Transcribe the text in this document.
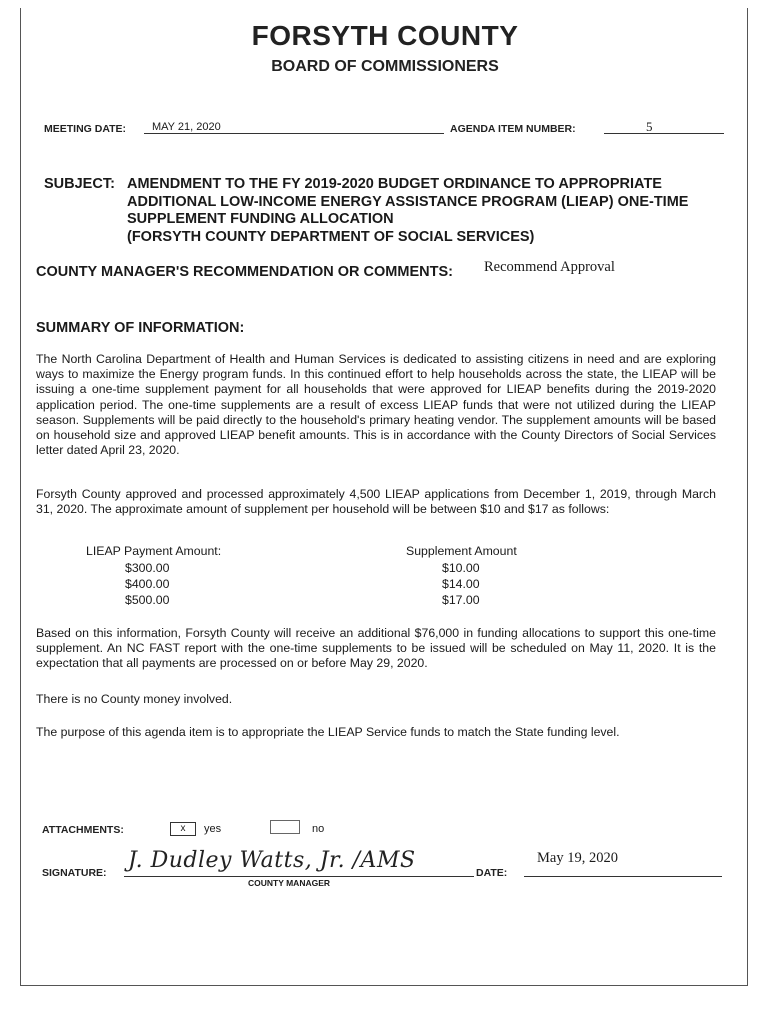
FORSYTH COUNTY
BOARD OF COMMISSIONERS
MEETING DATE: MAY 21, 2020	AGENDA ITEM NUMBER:	5
SUBJECT: AMENDMENT TO THE FY 2019-2020 BUDGET ORDINANCE TO APPROPRIATE
ADDITIONAL LOW-INCOME ENERGY ASSISTANCE PROGRAM (LIEAP) ONE-TIME
SUPPLEMENT FUNDING ALLOCATION
(FORSYTH COUNTY DEPARTMENT OF SOCIAL SERVICES)
COUNTY MANAGER'S RECOMMENDATION OR COMMENTS: Recommend Approval
SUMMARY OF INFORMATION:
The North Carolina Department of Health and Human Services is dedicated to assisting citizens in need and are exploring ways to maximize the Energy program funds. In this continued effort to help households across the state, the LIEAP will be issuing a one-time supplement payment for all households that were approved for LIEAP benefits during the 2019-2020 application period. The one-time supplements are a result of excess LIEAP funds that were not utilized during the LIEAP season. Supplements will be paid directly to the household's primary heating vendor. The supplement amounts will be based on household size and approved LIEAP benefit amounts. This is in accordance with the County Directors of Social Services letter dated April 23, 2020.
Forsyth County approved and processed approximately 4,500 LIEAP applications from December 1, 2019, through March 31, 2020. The approximate amount of supplement per household will be between $10 and $17 as follows:
LIEAP Payment Amount:	Supplement Amount
$300.00	$10.00
$400.00	$14.00
$500.00	$17.00
Based on this information, Forsyth County will receive an additional $76,000 in funding allocations to support this one-time supplement. An NC FAST report with the one-time supplements to be issued will be scheduled on May 11, 2020. It is the expectation that all payments are processed on or before May 29, 2020.
There is no County money involved.
The purpose of this agenda item is to appropriate the LIEAP Service funds to match the State funding level.
ATTACHMENTS:	x	yes	no
SIGNATURE: J. Dudley Watts, Jr. /AMS
COUNTY MANAGER
DATE:
May 19, 2020
